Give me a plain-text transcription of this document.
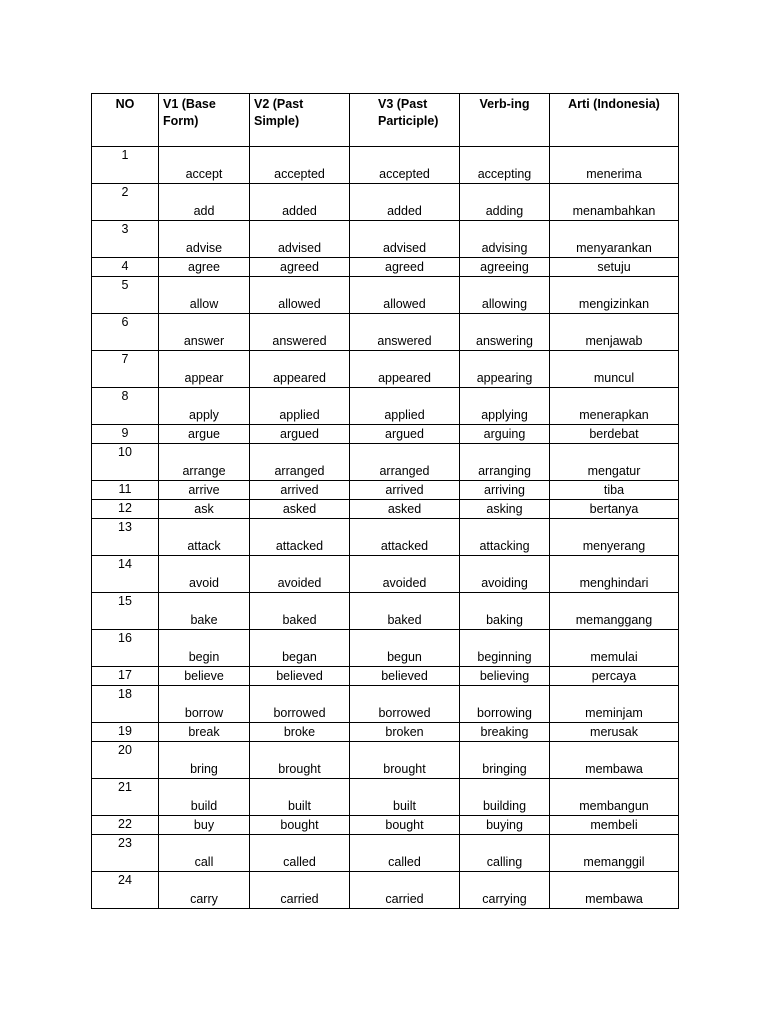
NO	V1 (Base Form)	V2 (Past Simple)	V3 (Past Participle)	Verb-ing	Arti (Indonesia)
1	accept	accepted	accepted	accepting	menerima
2	add	added	added	adding	menambahkan
3	advise	advised	advised	advising	menyarankan
4	agree	agreed	agreed	agreeing	setuju
5	allow	allowed	allowed	allowing	mengizinkan
6	answer	answered	answered	answering	menjawab
7	appear	appeared	appeared	appearing	muncul
8	apply	applied	applied	applying	menerapkan
9	argue	argued	argued	arguing	berdebat
10	arrange	arranged	arranged	arranging	mengatur
11	arrive	arrived	arrived	arriving	tiba
12	ask	asked	asked	asking	bertanya
13	attack	attacked	attacked	attacking	menyerang
14	avoid	avoided	avoided	avoiding	menghindari
15	bake	baked	baked	baking	memanggang
16	begin	began	begun	beginning	memulai
17	believe	believed	believed	believing	percaya
18	borrow	borrowed	borrowed	borrowing	meminjam
19	break	broke	broken	breaking	merusak
20	bring	brought	brought	bringing	membawa
21	build	built	built	building	membangun
22	buy	bought	bought	buying	membeli
23	call	called	called	calling	memanggil
24	carry	carried	carried	carrying	membawa
